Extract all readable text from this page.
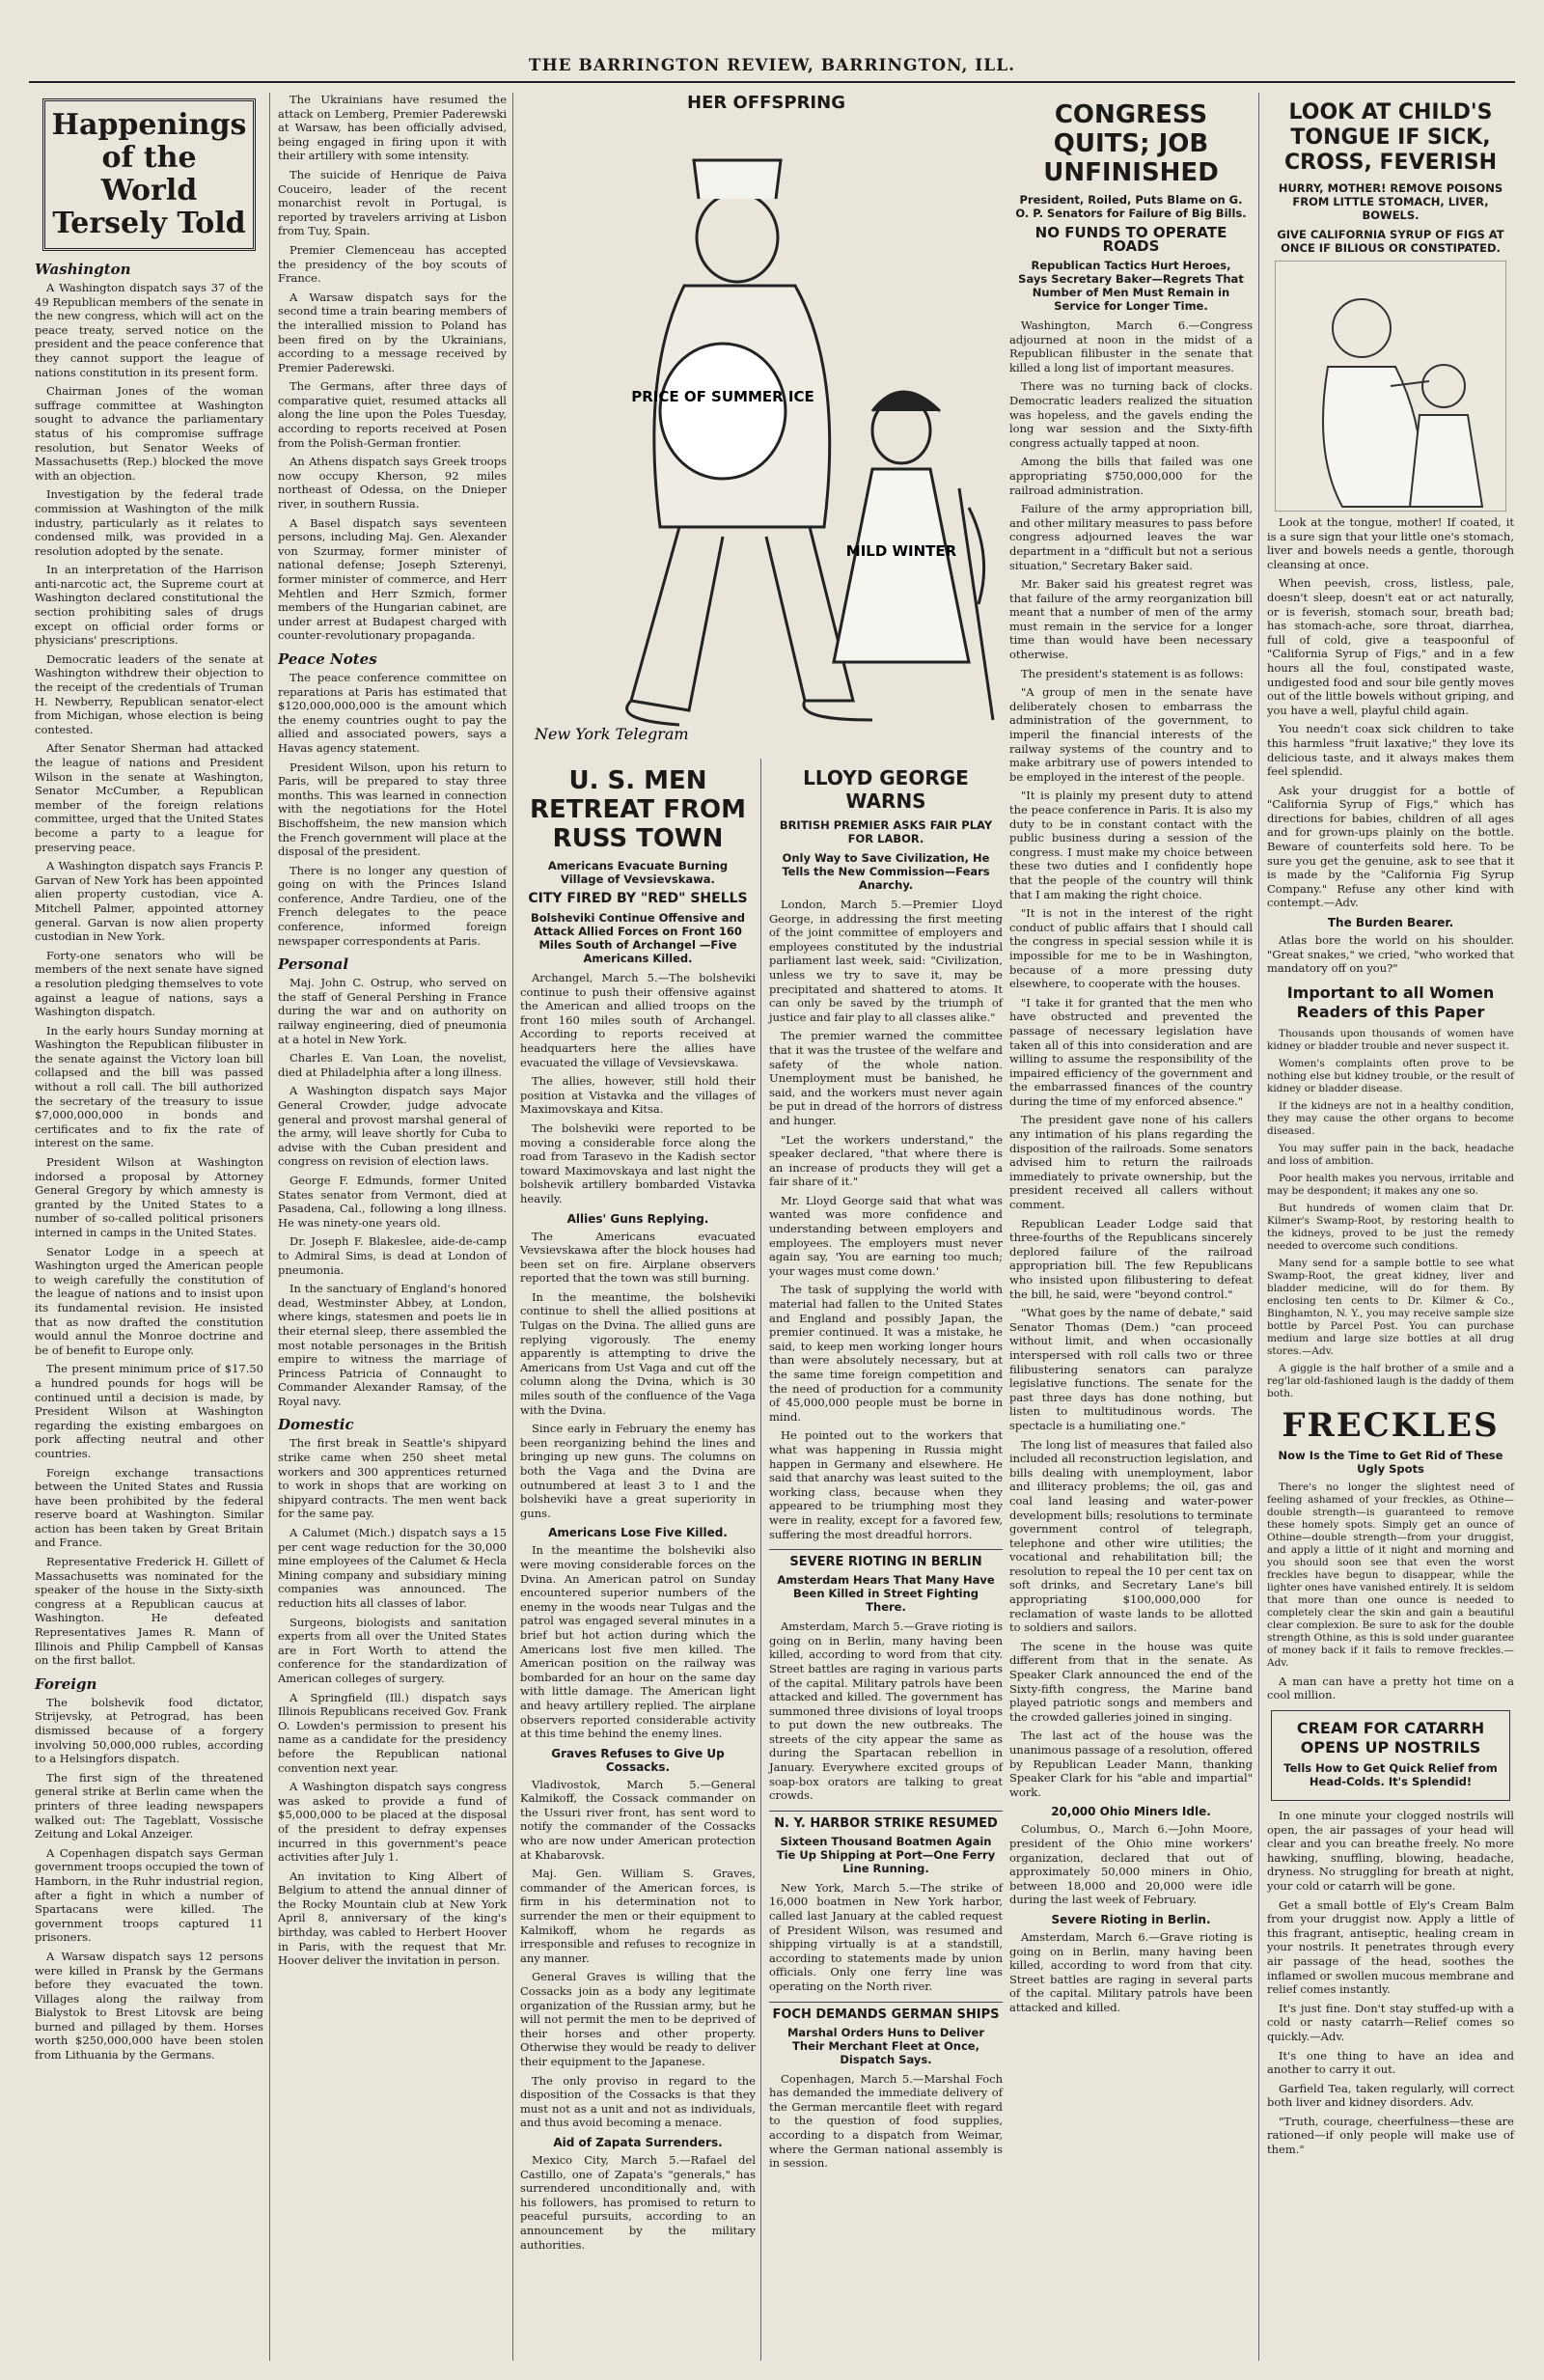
THE BARRINGTON REVIEW, BARRINGTON, ILL.
Happenings of the World Tersely Told
Washington

A Washington dispatch says 37 of the 49 Republican members of the senate in the new congress, which will act on the peace treaty, served notice on the president and the peace conference that they cannot support the league of nations constitution in its present form.

Chairman Jones of the woman suffrage committee at Washington sought to advance the parliamentary status of his compromise suffrage resolution, but Senator Weeks of Massachusetts (Rep.) blocked the move with an objection.

Investigation by the federal trade commission at Washington of the milk industry, particularly as it relates to condensed milk, was provided in a resolution adopted by the senate.

In an interpretation of the Harrison anti-narcotic act, the Supreme court at Washington declared constitutional the section prohibiting sales of drugs except on official order forms or physicians' prescriptions.

Democratic leaders of the senate at Washington withdrew their objection to the receipt of the credentials of Truman H. Newberry, Republican senator-elect from Michigan, whose election is being contested.

After Senator Sherman had attacked the league of nations and President Wilson in the senate at Washington, Senator McCumber, a Republican member of the foreign relations committee, urged that the United States become a party to a league for preserving peace.

A Washington dispatch says Francis P. Garvan of New York has been appointed alien property custodian, vice A. Mitchell Palmer, appointed attorney general. Garvan is now alien property custodian in New York.

Forty-one senators who will be members of the next senate have signed a resolution pledging themselves to vote against a league of nations, says a Washington dispatch.

In the early hours Sunday morning at Washington the Republican filibuster in the senate against the Victory loan bill collapsed and the bill was passed without a roll call. The bill authorized the secretary of the treasury to issue $7,000,000,000 in bonds and certificates and to fix the rate of interest on the same.

President Wilson at Washington indorsed a proposal by Attorney General Gregory by which amnesty is granted by the United States to a number of so-called political prisoners interned in camps in the United States.

Senator Lodge in a speech at Washington urged the American people to weigh carefully the constitution of the league of nations and to insist upon its fundamental revision. He insisted that as now drafted the constitution would annul the Monroe doctrine and be of benefit to Europe only.

The present minimum price of $17.50 a hundred pounds for hogs will be continued until a decision is made, by President Wilson at Washington regarding the existing embargoes on pork affecting neutral and other countries.

Foreign exchange transactions between the United States and Russia have been prohibited by the federal reserve board at Washington. Similar action has been taken by Great Britain and France.

Representative Frederick H. Gillett of Massachusetts was nominated for the speaker of the house in the Sixty-sixth congress at a Republican caucus at Washington. He defeated Representatives James R. Mann of Illinois and Philip Campbell of Kansas on the first ballot.

Foreign

The bolshevik food dictator, Strijevsky, at Petrograd, has been dismissed because of a forgery involving 50,000,000 rubles, according to a Helsingfors dispatch.

The first sign of the threatened general strike at Berlin came when the printers of three leading newspapers walked out: The Tageblatt, Vossische Zeitung and Lokal Anzeiger.

A Copenhagen dispatch says German government troops occupied the town of Hamborn, in the Ruhr industrial region, after a fight in which a number of Spartacans were killed. The government troops captured 11 prisoners.

A Warsaw dispatch says 12 persons were killed in Pransk by the Germans before they evacuated the town. Villages along the railway from Bialystok to Brest Litovsk are being burned and pillaged by them. Horses worth $250,000,000 have been stolen from Lithuania by the Germans.

The Ukrainians have resumed the attack on Lemberg, Premier Paderewski at Warsaw, has been officially advised, being engaged in firing upon it with their artillery with some intensity.

The suicide of Henrique de Paiva Couceiro, leader of the recent monarchist revolt in Portugal, is reported by travelers arriving at Lisbon from Tuy, Spain.

Premier Clemenceau has accepted the presidency of the boy scouts of France.

A Warsaw dispatch says for the second time a train bearing members of the interallied mission to Poland has been fired on by the Ukrainians, according to a message received by Premier Paderewski.

The Germans, after three days of comparative quiet, resumed attacks all along the line upon the Poles Tuesday, according to reports received at Posen from the Polish-German frontier.

An Athens dispatch says Greek troops now occupy Kherson, 92 miles northeast of Odessa, on the Dnieper river, in southern Russia.

A Basel dispatch says seventeen persons, including Maj. Gen. Alexander von Szurmay, former minister of national defense; Joseph Szterenyi, former minister of commerce, and Herr Mehtlen and Herr Szmich, former members of the Hungarian cabinet, are under arrest at Budapest charged with counter-revolutionary propaganda.

Peace Notes

The peace conference committee on reparations at Paris has estimated that $120,000,000,000 is the amount which the enemy countries ought to pay the allied and associated powers, says a Havas agency statement.

President Wilson, upon his return to Paris, will be prepared to stay three months. This was learned in connection with the negotiations for the Hotel Bischoffsheim, the new mansion which the French government will place at the disposal of the president.

There is no longer any question of going on with the Princes Island conference, Andre Tardieu, one of the French delegates to the peace conference, informed foreign newspaper correspondents at Paris.

Personal

Maj. John C. Ostrup, who served on the staff of General Pershing in France during the war and on authority on railway engineering, died of pneumonia at a hotel in New York.

Charles E. Van Loan, the novelist, died at Philadelphia after a long illness.

A Washington dispatch says Major General Crowder, judge advocate general and provost marshal general of the army, will leave shortly for Cuba to advise with the Cuban president and congress on revision of election laws.

George F. Edmunds, former United States senator from Vermont, died at Pasadena, Cal., following a long illness. He was ninety-one years old.

Dr. Joseph F. Blakeslee, aide-de-camp to Admiral Sims, is dead at London of pneumonia.

In the sanctuary of England's honored dead, Westminster Abbey, at London, where kings, statesmen and poets lie in their eternal sleep, there assembled the most notable personages in the British empire to witness the marriage of Princess Patricia of Connaught to Commander Alexander Ramsay, of the Royal navy.

Domestic

The first break in Seattle's shipyard strike came when 250 sheet metal workers and 300 apprentices returned to work in shops that are working on shipyard contracts. The men went back for the same pay.

A Calumet (Mich.) dispatch says a 15 per cent wage reduction for the 30,000 mine employees of the Calumet & Hecla Mining company and subsidiary mining companies was announced. The reduction hits all classes of labor.

Surgeons, biologists and sanitation experts from all over the United States are in Fort Worth to attend the conference for the standardization of American colleges of surgery.

A Springfield (Ill.) dispatch says Illinois Republicans received Gov. Frank O. Lowden's permission to present his name as a candidate for the presidency before the Republican national convention next year.

A Washington dispatch says congress was asked to provide a fund of $5,000,000 to be placed at the disposal of the president to defray expenses incurred in this government's peace activities after July 1.

An invitation to King Albert of Belgium to attend the annual dinner of the Rocky Mountain club at New York April 8, anniversary of the king's birthday, was cabled to Herbert Hoover in Paris, with the request that Mr. Hoover deliver the invitation in person.

HER OFFSPRING
PRICE OF SUMMER ICE
MILD WINTER
New York Telegram
U. S. MEN RETREAT FROM RUSS TOWN
Americans Evacuate Burning Village of Vevsievskawa.
CITY FIRED BY "RED" SHELLS
Bolsheviki Continue Offensive and Attack Allied Forces on Front 160 Miles South of Archangel —Five Americans Killed.

Archangel, March 5.—The bolsheviki continue to push their offensive against the American and allied troops on the front 160 miles south of Archangel. According to reports received at headquarters here the allies have evacuated the village of Vevsievskawa.

The allies, however, still hold their position at Vistavka and the villages of Maximovskaya and Kitsa.

The bolsheviki were reported to be moving a considerable force along the road from Tarasevo in the Kadish sector toward Maximovskaya and last night the bolshevik artillery bombarded Vistavka heavily.

Allies' Guns Replying.

The Americans evacuated Vevsievskawa after the block houses had been set on fire. Airplane observers reported that the town was still burning.

In the meantime, the bolsheviki continue to shell the allied positions at Tulgas on the Dvina. The allied guns are replying vigorously. The enemy apparently is attempting to drive the Americans from Ust Vaga and cut off the column along the Dvina, which is 30 miles south of the confluence of the Vaga with the Dvina.

Since early in February the enemy has been reorganizing behind the lines and bringing up new guns. The columns on both the Vaga and the Dvina are outnumbered at least 3 to 1 and the bolsheviki have a great superiority in guns.

Americans Lose Five Killed.

In the meantime the bolsheviki also were moving considerable forces on the Dvina. An American patrol on Sunday encountered superior numbers of the enemy in the woods near Tulgas and the patrol was engaged several minutes in a brief but hot action during which the Americans lost five men killed. The American position on the railway was bombarded for an hour on the same day with little damage. The American light and heavy artillery replied. The airplane observers reported considerable activity at this time behind the enemy lines.

Graves Refuses to Give Up Cossacks.

Vladivostok, March 5.—General Kalmikoff, the Cossack commander on the Ussuri river front, has sent word to notify the commander of the Cossacks who are now under American protection at Khabarovsk.

Maj. Gen. William S. Graves, commander of the American forces, is firm in his determination not to surrender the men or their equipment to Kalmikoff, whom he regards as irresponsible and refuses to recognize in any manner.

General Graves is willing that the Cossacks join as a body any legitimate organization of the Russian army, but he will not permit the men to be deprived of their horses and other property. Otherwise they would be ready to deliver their equipment to the Japanese.

The only proviso in regard to the disposition of the Cossacks is that they must not as a unit and not as individuals, and thus avoid becoming a menace.

Aid of Zapata Surrenders.

Mexico City, March 5.—Rafael del Castillo, one of Zapata's "generals," has surrendered unconditionally and, with his followers, has promised to return to peaceful pursuits, according to an announcement by the military authorities.

LLOYD GEORGE WARNS
BRITISH PREMIER ASKS FAIR PLAY FOR LABOR.
Only Way to Save Civilization, He Tells the New Commission—Fears Anarchy.

London, March 5.—Premier Lloyd George, in addressing the first meeting of the joint committee of employers and employees constituted by the industrial parliament last week, said: "Civilization, unless we try to save it, may be precipitated and shattered to atoms. It can only be saved by the triumph of justice and fair play to all classes alike."

The premier warned the committee that it was the trustee of the welfare and safety of the whole nation. Unemployment must be banished, he said, and the workers must never again be put in dread of the horrors of distress and hunger.

"Let the workers understand," the speaker declared, "that where there is an increase of products they will get a fair share of it."

Mr. Lloyd George said that what was wanted was more confidence and understanding between employers and employees. The employers must never again say, 'You are earning too much; your wages must come down.'

The task of supplying the world with material had fallen to the United States and England and possibly Japan, the premier continued. It was a mistake, he said, to keep men working longer hours than were absolutely necessary, but at the same time foreign competition and the need of production for a community of 45,000,000 people must be borne in mind.

He pointed out to the workers that what was happening in Russia might happen in Germany and elsewhere. He said that anarchy was least suited to the working class, because when they appeared to be triumphing most they were in reality, except for a favored few, suffering the most dreadful horrors.

SEVERE RIOTING IN BERLIN
Amsterdam Hears That Many Have Been Killed in Street Fighting There.

Amsterdam, March 5.—Grave rioting is going on in Berlin, many having been killed, according to word from that city. Street battles are raging in various parts of the capital. Military patrols have been attacked and killed. The government has summoned three divisions of loyal troops to put down the new outbreaks. The streets of the city appear the same as during the Spartacan rebellion in January. Everywhere excited groups of soap-box orators are talking to great crowds.

N. Y. HARBOR STRIKE RESUMED
Sixteen Thousand Boatmen Again Tie Up Shipping at Port—One Ferry Line Running.

New York, March 5.—The strike of 16,000 boatmen in New York harbor, called last January at the cabled request of President Wilson, was resumed and shipping virtually is at a standstill, according to statements made by union officials. Only one ferry line was operating on the North river.

FOCH DEMANDS GERMAN SHIPS
Marshal Orders Huns to Deliver Their Merchant Fleet at Once, Dispatch Says.

Copenhagen, March 5.—Marshal Foch has demanded the immediate delivery of the German mercantile fleet with regard to the question of food supplies, according to a dispatch from Weimar, where the German national assembly is in session.

CONGRESS QUITS; JOB UNFINISHED
President, Roiled, Puts Blame on G. O. P. Senators for Failure of Big Bills.
NO FUNDS TO OPERATE ROADS
Republican Tactics Hurt Heroes, Says Secretary Baker—Regrets That Number of Men Must Remain in Service for Longer Time.

Washington, March 6.—Congress adjourned at noon in the midst of a Republican filibuster in the senate that killed a long list of important measures.

There was no turning back of clocks. Democratic leaders realized the situation was hopeless, and the gavels ending the long war session and the Sixty-fifth congress actually tapped at noon.

Among the bills that failed was one appropriating $750,000,000 for the railroad administration.

Failure of the army appropriation bill, and other military measures to pass before congress adjourned leaves the war department in a "difficult but not a serious situation," Secretary Baker said.

Mr. Baker said his greatest regret was that failure of the army reorganization bill meant that a number of men of the army must remain in the service for a longer time than would have been necessary otherwise.

The president's statement is as follows:

"A group of men in the senate have deliberately chosen to embarrass the administration of the government, to imperil the financial interests of the railway systems of the country and to make arbitrary use of powers intended to be employed in the interest of the people.

"It is plainly my present duty to attend the peace conference in Paris. It is also my duty to be in constant contact with the public business during a session of the congress. I must make my choice between these two duties and I confidently hope that the people of the country will think that I am making the right choice.

"It is not in the interest of the right conduct of public affairs that I should call the congress in special session while it is impossible for me to be in Washington, because of a more pressing duty elsewhere, to cooperate with the houses.

"I take it for granted that the men who have obstructed and prevented the passage of necessary legislation have taken all of this into consideration and are willing to assume the responsibility of the impaired efficiency of the government and the embarrassed finances of the country during the time of my enforced absence."

The president gave none of his callers any intimation of his plans regarding the disposition of the railroads. Some senators advised him to return the railroads immediately to private ownership, but the president received all callers without comment.

Republican Leader Lodge said that three-fourths of the Republicans sincerely deplored failure of the railroad appropriation bill. The few Republicans who insisted upon filibustering to defeat the bill, he said, were "beyond control."

"What goes by the name of debate," said Senator Thomas (Dem.) "can proceed without limit, and when occasionally interspersed with roll calls two or three filibustering senators can paralyze legislative functions. The senate for the past three days has done nothing, but listen to multitudinous words. The spectacle is a humiliating one."

The long list of measures that failed also included all reconstruction legislation, and bills dealing with unemployment, labor and illiteracy problems; the oil, gas and coal land leasing and water-power development bills; resolutions to terminate government control of telegraph, telephone and other wire utilities; the vocational and rehabilitation bill; the resolution to repeal the 10 per cent tax on soft drinks, and Secretary Lane's bill appropriating $100,000,000 for reclamation of waste lands to be allotted to soldiers and sailors.

The scene in the house was quite different from that in the senate. As Speaker Clark announced the end of the Sixty-fifth congress, the Marine band played patriotic songs and members and the crowded galleries joined in singing.

The last act of the house was the unanimous passage of a resolution, offered by Republican Leader Mann, thanking Speaker Clark for his "able and impartial" work.

20,000 Ohio Miners Idle.

Columbus, O., March 6.—John Moore, president of the Ohio mine workers' organization, declared that out of approximately 50,000 miners in Ohio, between 18,000 and 20,000 were idle during the last week of February.

Severe Rioting in Berlin.

Amsterdam, March 6.—Grave rioting is going on in Berlin, many having been killed, according to word from that city. Street battles are raging in several parts of the capital. Military patrols have been attacked and killed.

LOOK AT CHILD'S TONGUE IF SICK, CROSS, FEVERISH
HURRY, MOTHER! REMOVE POISONS FROM LITTLE STOMACH, LIVER, BOWELS.
GIVE CALIFORNIA SYRUP OF FIGS AT ONCE IF BILIOUS OR CONSTIPATED.

Look at the tongue, mother! If coated, it is a sure sign that your little one's stomach, liver and bowels needs a gentle, thorough cleansing at once.

When peevish, cross, listless, pale, doesn't sleep, doesn't eat or act naturally, or is feverish, stomach sour, breath bad; has stomach-ache, sore throat, diarrhea, full of cold, give a teaspoonful of "California Syrup of Figs," and in a few hours all the foul, constipated waste, undigested food and sour bile gently moves out of the little bowels without griping, and you have a well, playful child again.

You needn't coax sick children to take this harmless "fruit laxative;" they love its delicious taste, and it always makes them feel splendid.

Ask your druggist for a bottle of "California Syrup of Figs," which has directions for babies, children of all ages and for grown-ups plainly on the bottle. Beware of counterfeits sold here. To be sure you get the genuine, ask to see that it is made by the "California Fig Syrup Company." Refuse any other kind with contempt.—Adv.

The Burden Bearer.

Atlas bore the world on his shoulder. "Great snakes," we cried, "who worked that mandatory off on you?"

Important to all Women Readers of this Paper

Thousands upon thousands of women have kidney or bladder trouble and never suspect it.

Women's complaints often prove to be nothing else but kidney trouble, or the result of kidney or bladder disease.

If the kidneys are not in a healthy condition, they may cause the other organs to become diseased.

You may suffer pain in the back, headache and loss of ambition.

Poor health makes you nervous, irritable and may be despondent; it makes any one so.

But hundreds of women claim that Dr. Kilmer's Swamp-Root, by restoring health to the kidneys, proved to be just the remedy needed to overcome such conditions.

Many send for a sample bottle to see what Swamp-Root, the great kidney, liver and bladder medicine, will do for them. By enclosing ten cents to Dr. Kilmer & Co., Binghamton, N. Y., you may receive sample size bottle by Parcel Post. You can purchase medium and large size bottles at all drug stores.—Adv.

A giggle is the half brother of a smile and a reg'lar old-fashioned laugh is the daddy of them both.

FRECKLES
Now Is the Time to Get Rid of These Ugly Spots

There's no longer the slightest need of feeling ashamed of your freckles, as Othine—double strength—is guaranteed to remove these homely spots. Simply get an ounce of Othine—double strength—from your druggist, and apply a little of it night and morning and you should soon see that even the worst freckles have begun to disappear, while the lighter ones have vanished entirely. It is seldom that more than one ounce is needed to completely clear the skin and gain a beautiful clear complexion. Be sure to ask for the double strength Othine, as this is sold under guarantee of money back if it fails to remove freckles.—Adv.

A man can have a pretty hot time on a cool million.

CREAM FOR CATARRH OPENS UP NOSTRILS
Tells How to Get Quick Relief from Head-Colds. It's Splendid!

In one minute your clogged nostrils will open, the air passages of your head will clear and you can breathe freely. No more hawking, snuffling, blowing, headache, dryness. No struggling for breath at night, your cold or catarrh will be gone.

Get a small bottle of Ely's Cream Balm from your druggist now. Apply a little of this fragrant, antiseptic, healing cream in your nostrils. It penetrates through every air passage of the head, soothes the inflamed or swollen mucous membrane and relief comes instantly.

It's just fine. Don't stay stuffed-up with a cold or nasty catarrh—Relief comes so quickly.—Adv.

It's one thing to have an idea and another to carry it out.

Garfield Tea, taken regularly, will correct both liver and kidney disorders. Adv.

"Truth, courage, cheerfulness—these are rationed—if only people will make use of them."
